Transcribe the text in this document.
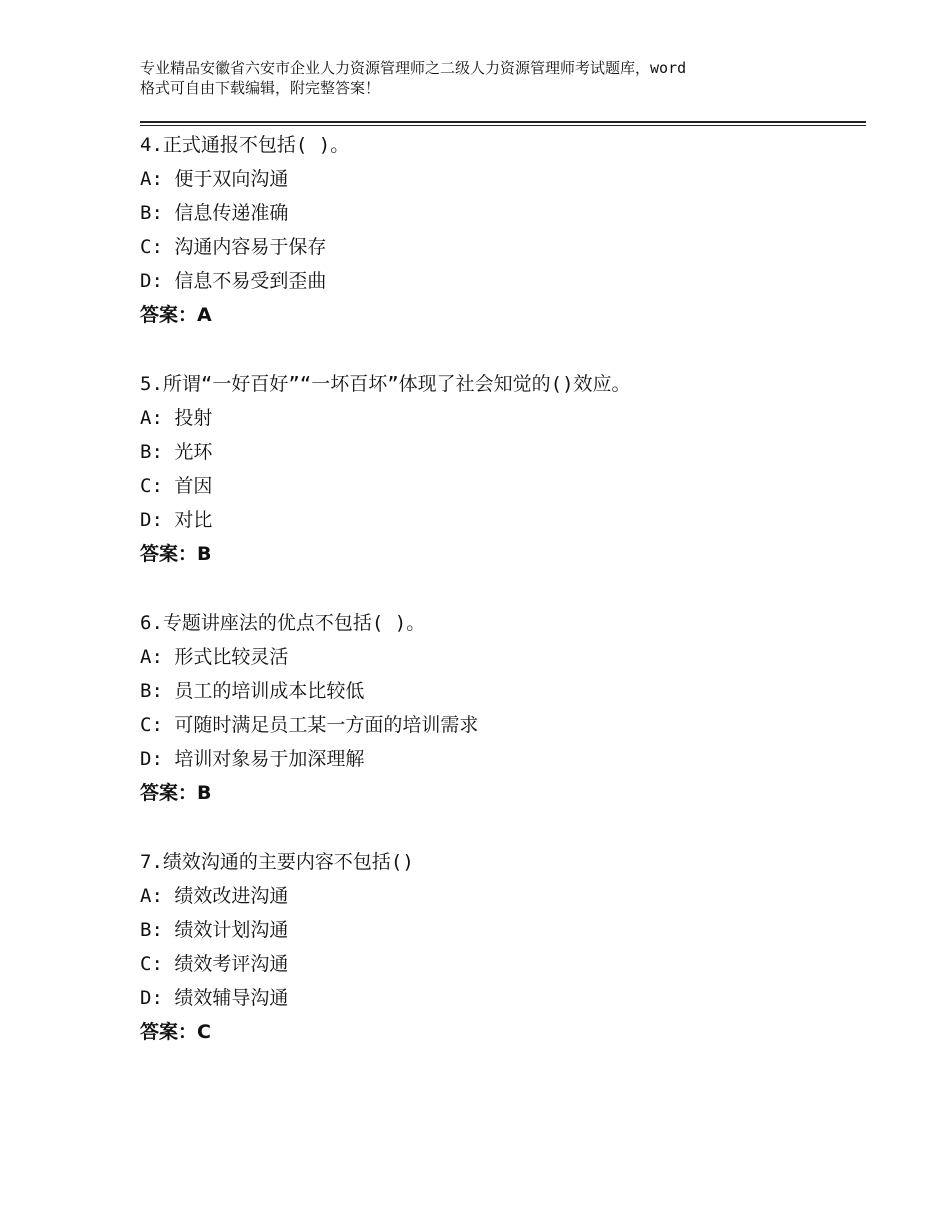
专业精品安徽省六安市企业人力资源管理师之二级人力资源管理师考试题库，word
格式可自由下载编辑，附完整答案！
4.正式通报不包括( )。
A: 便于双向沟通
B: 信息传递准确
C: 沟通内容易于保存
D: 信息不易受到歪曲
答案：A
5.所谓“一好百好”“一坏百坏”体现了社会知觉的()效应。
A: 投射
B: 光环
C: 首因
D: 对比
答案：B
6.专题讲座法的优点不包括( )。
A: 形式比较灵活
B: 员工的培训成本比较低
C: 可随时满足员工某一方面的培训需求
D: 培训对象易于加深理解
答案：B
7.绩效沟通的主要内容不包括()
A: 绩效改进沟通
B: 绩效计划沟通
C: 绩效考评沟通
D: 绩效辅导沟通
答案：C
